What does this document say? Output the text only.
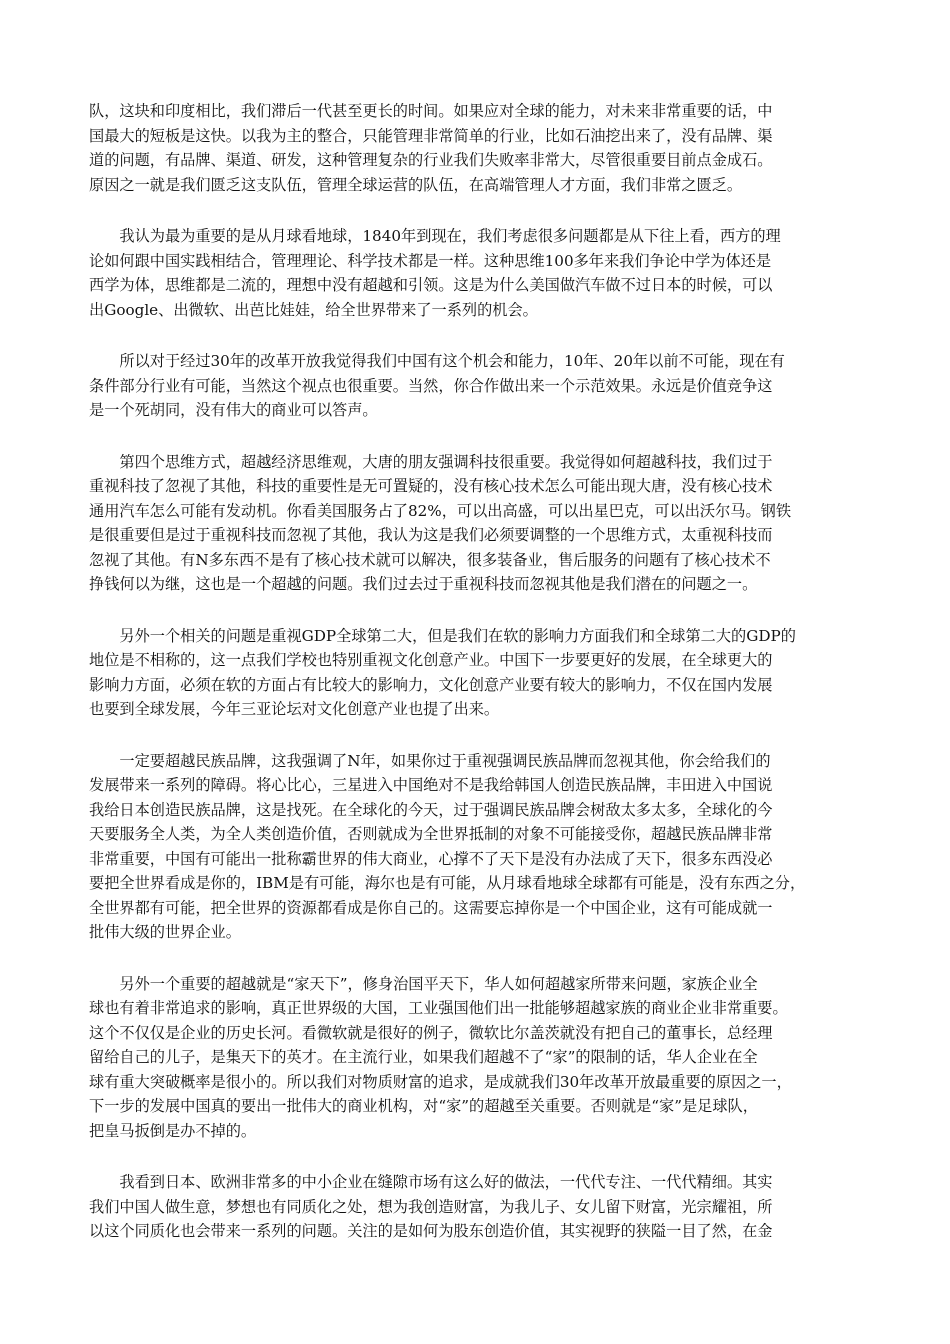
队，这块和印度相比，我们滞后一代甚至更长的时间。如果应对全球的能力，对未来非常重要的话，中
国最大的短板是这快。以我为主的整合，只能管理非常简单的行业，比如石油挖出来了，没有品牌、渠
道的问题，有品牌、渠道、研发，这种管理复杂的行业我们失败率非常大，尽管很重要目前点金成石。
原因之一就是我们匮乏这支队伍，管理全球运营的队伍，在高端管理人才方面，我们非常之匮乏。

　　我认为最为重要的是从月球看地球，1840年到现在，我们考虑很多问题都是从下往上看，西方的理
论如何跟中国实践相结合，管理理论、科学技术都是一样。这种思维100多年来我们争论中学为体还是
西学为体，思维都是二流的，理想中没有超越和引领。这是为什么美国做汽车做不过日本的时候，可以
出Google、出微软、出芭比娃娃，给全世界带来了一系列的机会。

　　所以对于经过30年的改革开放我觉得我们中国有这个机会和能力，10年、20年以前不可能，现在有
条件部分行业有可能，当然这个视点也很重要。当然，你合作做出来一个示范效果。永远是价值竞争这
是一个死胡同，没有伟大的商业可以答声。

　　第四个思维方式，超越经济思维观，大唐的朋友强调科技很重要。我觉得如何超越科技，我们过于
重视科技了忽视了其他，科技的重要性是无可置疑的，没有核心技术怎么可能出现大唐，没有核心技术
通用汽车怎么可能有发动机。你看美国服务占了82%，可以出高盛，可以出星巴克，可以出沃尔马。钢铁
是很重要但是过于重视科技而忽视了其他，我认为这是我们必须要调整的一个思维方式，太重视科技而
忽视了其他。有N多东西不是有了核心技术就可以解决，很多装备业，售后服务的问题有了核心技术不
挣钱何以为继，这也是一个超越的问题。我们过去过于重视科技而忽视其他是我们潜在的问题之一。

　　另外一个相关的问题是重视GDP全球第二大，但是我们在软的影响力方面我们和全球第二大的GDP的
地位是不相称的，这一点我们学校也特别重视文化创意产业。中国下一步要更好的发展，在全球更大的
影响力方面，必须在软的方面占有比较大的影响力，文化创意产业要有较大的影响力，不仅在国内发展
也要到全球发展，今年三亚论坛对文化创意产业也提了出来。

　　一定要超越民族品牌，这我强调了N年，如果你过于重视强调民族品牌而忽视其他，你会给我们的
发展带来一系列的障碍。将心比心，三星进入中国绝对不是我给韩国人创造民族品牌，丰田进入中国说
我给日本创造民族品牌，这是找死。在全球化的今天，过于强调民族品牌会树敌太多太多，全球化的今
天要服务全人类，为全人类创造价值，否则就成为全世界抵制的对象不可能接受你，超越民族品牌非常
非常重要，中国有可能出一批称霸世界的伟大商业，心撑不了天下是没有办法成了天下，很多东西没必
要把全世界看成是你的，IBM是有可能，海尔也是有可能，从月球看地球全球都有可能是，没有东西之分，
全世界都有可能，把全世界的资源都看成是你自己的。这需要忘掉你是一个中国企业，这有可能成就一
批伟大级的世界企业。

　　另外一个重要的超越就是“家天下”，修身治国平天下，华人如何超越家所带来问题，家族企业全
球也有着非常追求的影响，真正世界级的大国，工业强国他们出一批能够超越家族的商业企业非常重要。
这个不仅仅是企业的历史长河。看微软就是很好的例子，微软比尔盖茨就没有把自己的董事长，总经理
留给自己的儿子，是集天下的英才。在主流行业，如果我们超越不了“家”的限制的话，华人企业在全
球有重大突破概率是很小的。所以我们对物质财富的追求，是成就我们30年改革开放最重要的原因之一，
下一步的发展中国真的要出一批伟大的商业机构，对“家”的超越至关重要。否则就是“家”是足球队，
把皇马扳倒是办不掉的。

　　我看到日本、欧洲非常多的中小企业在缝隙市场有这么好的做法，一代代专注、一代代精细。其实
我们中国人做生意，梦想也有同质化之处，想为我创造财富，为我儿子、女儿留下财富，光宗耀祖，所
以这个同质化也会带来一系列的问题。关注的是如何为股东创造价值，其实视野的狭隘一目了然，在金
